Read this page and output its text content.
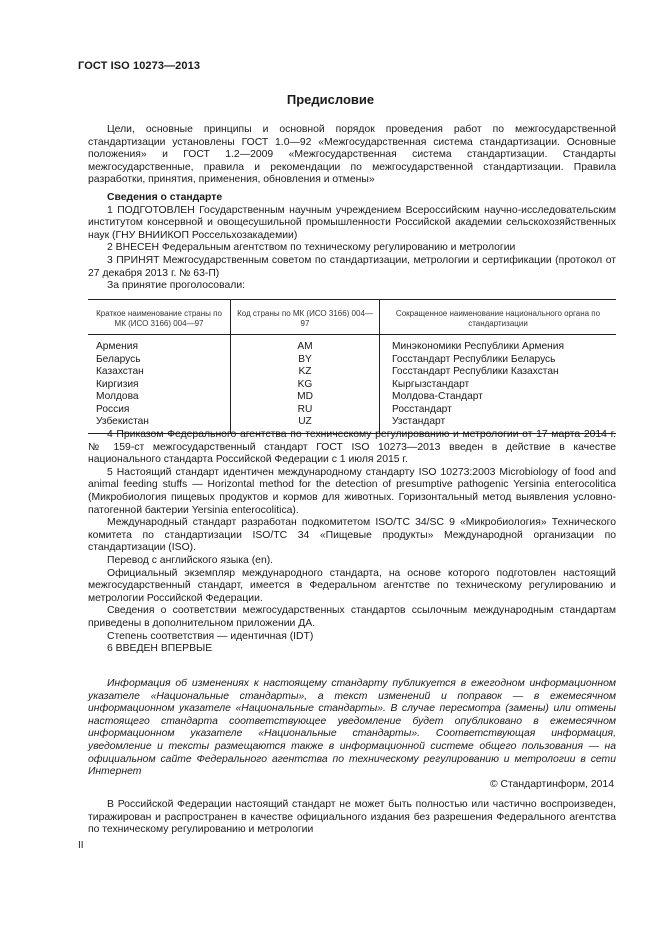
ГОСТ ISO 10273—2013
Предисловие

Цели, основные принципы и основной порядок проведения работ по межгосударственной стандартизации установлены ГОСТ 1.0—92 «Межгосударственная система стандартизации. Основные положения» и ГОСТ 1.2—2009 «Межгосударственная система стандартизации. Стандарты межгосударственные, правила и рекомендации по межгосударственной стандартизации. Правила разработки, принятия, применения, обновления и отмены»

Сведения о стандарте

1 ПОДГОТОВЛЕН Государственным научным учреждением Всероссийским научно-исследовательским институтом консервной и овощесушильной промышленности Российской академии сельскохозяйственных наук (ГНУ ВНИИКОП Россельхозакадемии)

2 ВНЕСЕН Федеральным агентством по техническому регулированию и метрологии

3 ПРИНЯТ Межгосударственным советом по стандартизации, метрологии и сертификации (протокол от 27 декабря 2013 г. № 63-П)

За принятие проголосовали:

Краткое наименование страны по МК (ИСО 3166) 004—97	Код страны по МК (ИСО 3166) 004—97	Сокращенное наименование национального органа по стандартизации
Армения	AM	Минэкономики Республики Армения
Беларусь	BY	Госстандарт Республики Беларусь
Казахстан	KZ	Госстандарт Республики Казахстан
Киргизия	KG	Кыргызстандарт
Молдова	MD	Молдова-Стандарт
Россия	RU	Росстандарт
Узбекистан	UZ	Узстандарт

4 Приказом Федерального агентства по техническому регулированию и метрологии от 17 марта 2014 г. № 159-ст межгосударственный стандарт ГОСТ ISO 10273—2013 введен в действие в качестве национального стандарта Российской Федерации с 1 июля 2015 г.

5 Настоящий стандарт идентичен международному стандарту ISO 10273:2003 Microbiology of food and animal feeding stuffs — Horizontal method for the detection of presumptive pathogenic Yersinia enterocolitica (Микробиология пищевых продуктов и кормов для животных. Горизонтальный метод выявления условно-патогенной бактерии Yersinia enterocolitica).

Международный стандарт разработан подкомитетом ISO/TC 34/SC 9 «Микробиология» Технического комитета по стандартизации ISO/TC 34 «Пищевые продукты» Международной организации по стандартизации (ISO).

Перевод с английского языка (en).

Официальный экземпляр международного стандарта, на основе которого подготовлен настоящий межгосударственный стандарт, имеется в Федеральном агентстве по техническому регулированию и метрологии Российской Федерации.

Сведения о соответствии межгосударственных стандартов ссылочным международным стандартам приведены в дополнительном приложении ДА.

Степень соответствия — идентичная (IDT)

6 ВВЕДЕН ВПЕРВЫЕ

Информация об изменениях к настоящему стандарту публикуется в ежегодном информационном указателе «Национальные стандарты», а текст изменений и поправок — в ежемесячном информационном указателе «Национальные стандарты». В случае пересмотра (замены) или отмены настоящего стандарта соответствующее уведомление будет опубликовано в ежемесячном информационном указателе «Национальные стандарты». Соответствующая информация, уведомление и тексты размещаются также в информационной системе общего пользования — на официальном сайте Федерального агентства по техническому регулированию и метрологии в сети Интернет

© Стандартинформ, 2014

В Российской Федерации настоящий стандарт не может быть полностью или частично воспроизведен, тиражирован и распространен в качестве официального издания без разрешения Федерального агентства по техническому регулированию и метрологии

II
